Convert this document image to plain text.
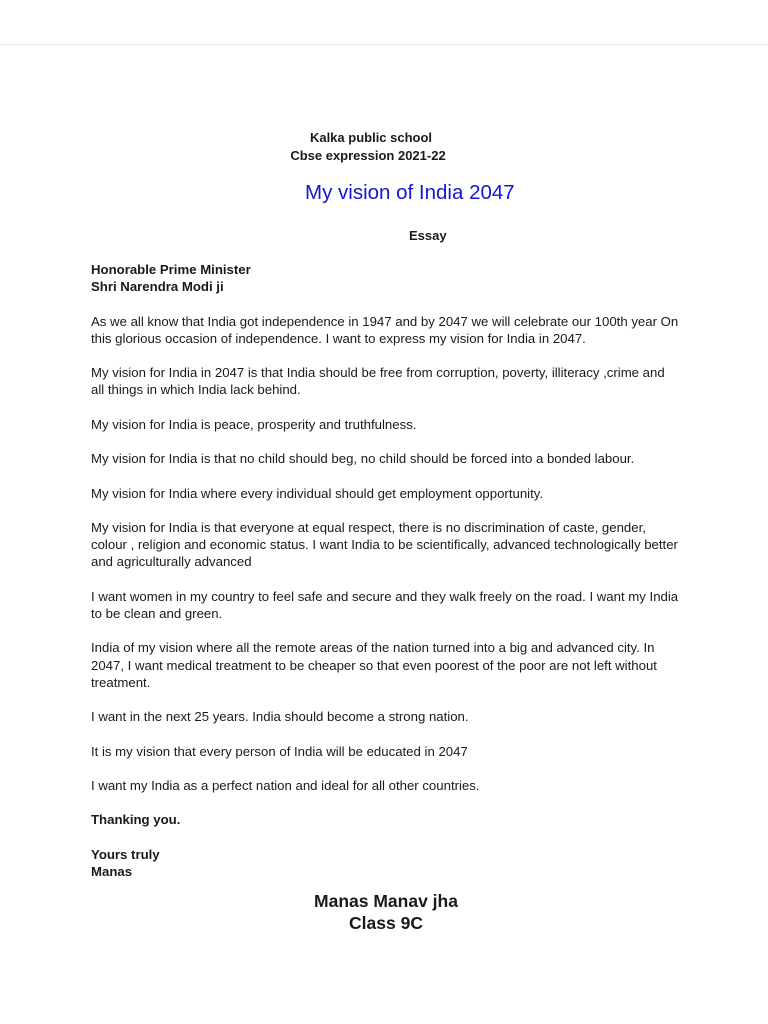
Kalka public school
Cbse expression 2021-22
My vision of India 2047
Essay

Honorable Prime Minister
Shri Narendra Modi ji

As we all know that India got independence in 1947 and by 2047 we will celebrate our 100th year On this glorious occasion of independence. I want to express my vision for India in 2047.

My vision for India in 2047 is that India should be free from corruption, poverty, illiteracy ,crime and all things in which India lack behind.

My vision for India is peace, prosperity and truthfulness.

My vision for India is that no child should beg, no child should be forced into a bonded labour.

My vision for India where every individual should get employment opportunity.

My vision for India is that everyone at equal respect, there is no discrimination of caste, gender, colour , religion and economic status. I want India to be scientifically, advanced technologically better and agriculturally advanced

I want women in my country to feel safe and secure and they walk freely on the road. I want my India to be clean and green.

India of my vision where all the remote areas of the nation turned into a big and advanced city. In 2047, I want medical treatment to be cheaper so that even poorest of the poor are not left without treatment.

I want in the next 25 years. India should become a strong nation.

It is my vision that every person of India will be educated in 2047

I want my India as a perfect nation and ideal for all other countries.

Thanking you.

Yours truly
Manas

Manas Manav jha
Class 9C
